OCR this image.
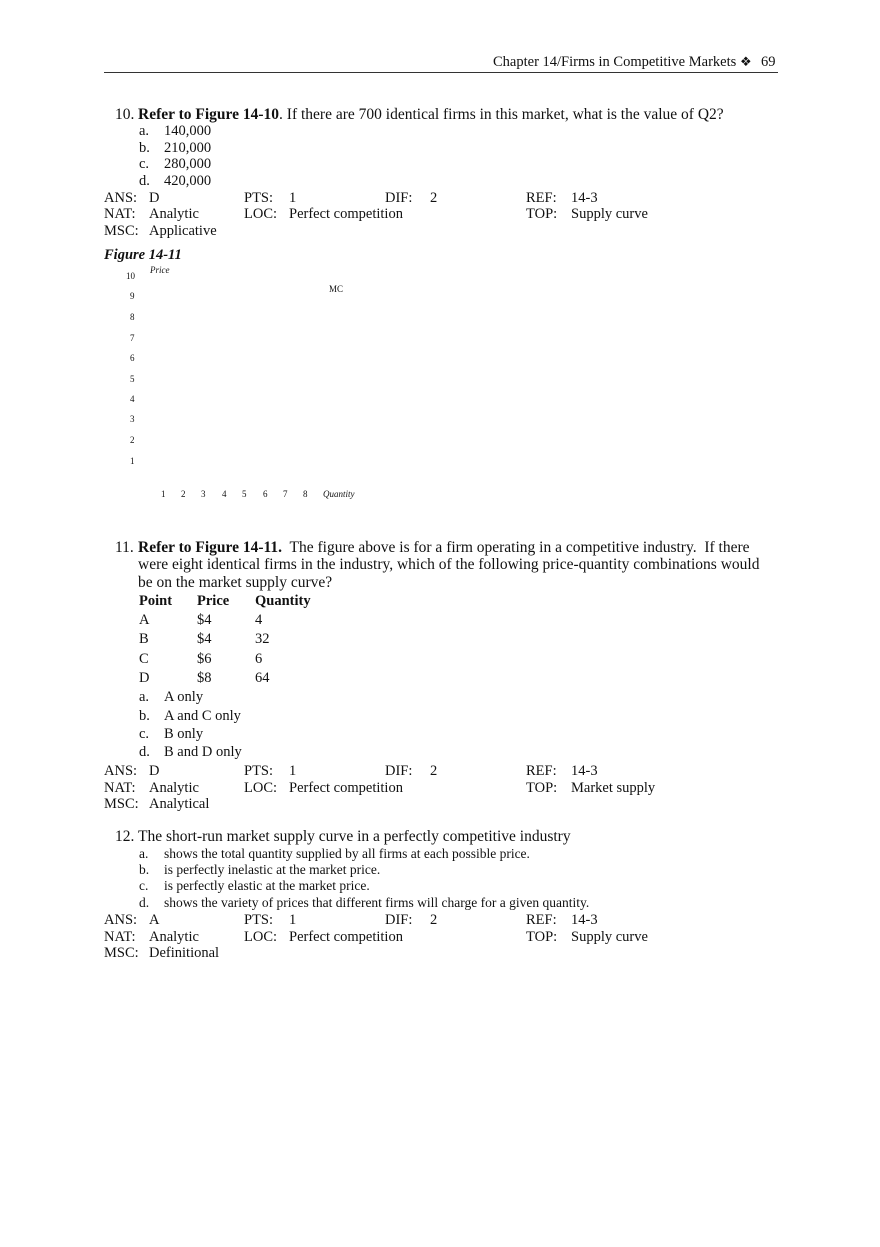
Chapter 14/Firms in Competitive Markets ❖ 69
10. Refer to Figure 14-10. If there are 700 identical firms in this market, what is the value of Q2?
a. 140,000
b. 210,000
c. 280,000
d. 420,000
ANS: D	PTS: 1	DIF: 2	REF: 14-3
NAT: Analytic	LOC: Perfect competition	TOP: Supply curve
MSC: Applicative
Figure 14-11
Price
MC
10
9
8
7
6
5
4
3
2
1
1 2 3 4 5 6 7 8 Quantity
11. Refer to Figure 14-11.  The figure above is for a firm operating in a competitive industry.  If there
were eight identical firms in the industry, which of the following price-quantity combinations would
be on the market supply curve?
Point Price Quantity
A	$4	4
B	$4	32
C	$6	6
D	$8	64
a. A only
b. A and C only
c. B only
d. B and D only
ANS: D	PTS: 1	DIF: 2	REF: 14-3
NAT: Analytic	LOC: Perfect competition	TOP: Market supply
MSC: Analytical
12. The short-run market supply curve in a perfectly competitive industry
a. shows the total quantity supplied by all firms at each possible price.
b. is perfectly inelastic at the market price.
c. is perfectly elastic at the market price.
d. shows the variety of prices that different firms will charge for a given quantity.
ANS: A	PTS: 1	DIF: 2	REF: 14-3
NAT: Analytic	LOC: Perfect competition	TOP: Supply curve
MSC: Definitional
